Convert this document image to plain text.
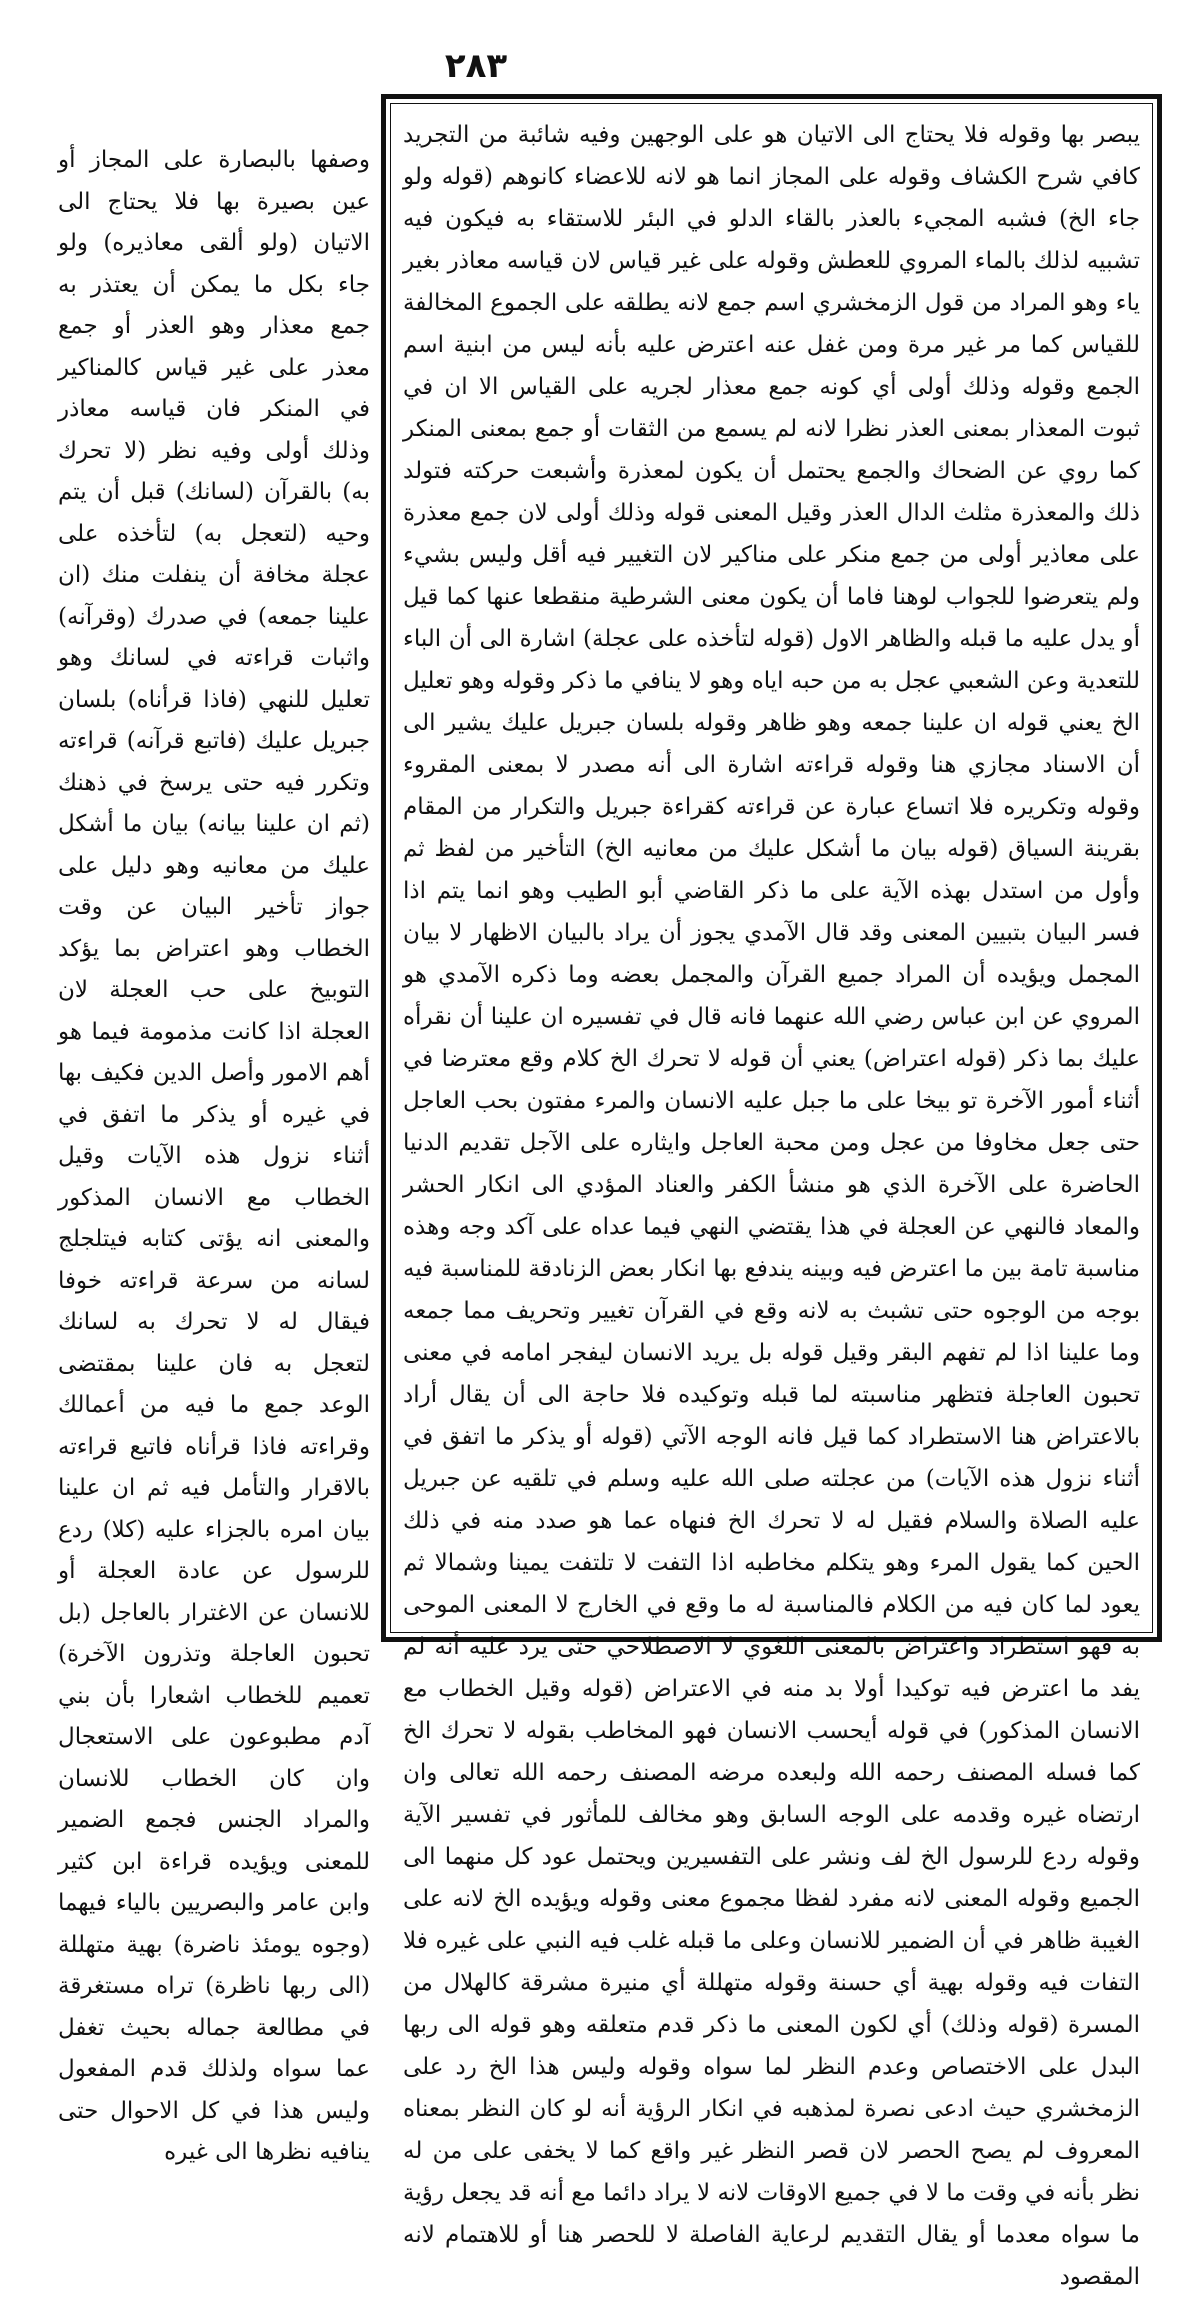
٢٨٣

وصفها بالبصارة على المجاز أو عين بصيرة بها فلا يحتاج الى الاتيان (ولو ألقى معاذيره) ولو جاء بكل ما يمكن أن يعتذر به جمع معذار وهو العذر أو جمع معذر على غير قياس كالمناكير في المنكر فان قياسه معاذر وذلك أولى وفيه نظر (لا تحرك به) بالقرآن (لسانك) قبل أن يتم وحيه (لتعجل به) لتأخذه على عجلة مخافة أن ينفلت منك (ان علينا جمعه) في صدرك (وقرآنه) واثبات قراءته في لسانك وهو تعليل للنهي (فاذا قرأناه) بلسان جبريل عليك (فاتبع قرآنه) قراءته وتكرر فيه حتى يرسخ في ذهنك (ثم ان علينا بيانه) بيان ما أشكل عليك من معانيه وهو دليل على جواز تأخير البيان عن وقت الخطاب وهو اعتراض بما يؤكد التوبيخ على حب العجلة لان العجلة اذا كانت مذمومة فيما هو أهم الامور وأصل الدين فكيف بها في غيره أو يذكر ما اتفق في أثناء نزول هذه الآيات وقيل الخطاب مع الانسان المذكور والمعنى انه يؤتى كتابه فيتلجلج لسانه من سرعة قراءته خوفا فيقال له لا تحرك به لسانك لتعجل به فان علينا بمقتضى الوعد جمع ما فيه من أعمالك وقراءته فاذا قرأناه فاتبع قراءته بالاقرار والتأمل فيه ثم ان علينا بيان امره بالجزاء عليه (كلا) ردع للرسول عن عادة العجلة أو للانسان عن الاغترار بالعاجل (بل تحبون العاجلة وتذرون الآخرة) تعميم للخطاب اشعارا بأن بني آدم مطبوعون على الاستعجال وان كان الخطاب للانسان والمراد الجنس فجمع الضمير للمعنى ويؤيده قراءة ابن كثير وابن عامر والبصريين بالياء فيهما (وجوه يومئذ ناضرة) بهية متهللة (الى ربها ناظرة) تراه مستغرقة في مطالعة جماله بحيث تغفل عما سواه ولذلك قدم المفعول وليس هذا في كل الاحوال حتى ينافيه نظرها الى غيره

يبصر بها وقوله فلا يحتاج الى الاتيان هو على الوجهين وفيه شائبة من التجريد كافي شرح الكشاف وقوله على المجاز انما هو لانه للاعضاء كانوهم (قوله ولو جاء الخ) فشبه المجيء بالعذر بالقاء الدلو في البئر للاستقاء به فيكون فيه تشبيه لذلك بالماء المروي للعطش وقوله على غير قياس لان قياسه معاذر بغير ياء وهو المراد من قول الزمخشري اسم جمع لانه يطلقه على الجموع المخالفة للقياس كما مر غير مرة ومن غفل عنه اعترض عليه بأنه ليس من ابنية اسم الجمع وقوله وذلك أولى أي كونه جمع معذار لجريه على القياس الا ان في ثبوت المعذار بمعنى العذر نظرا لانه لم يسمع من الثقات أو جمع بمعنى المنكر كما روي عن الضحاك والجمع يحتمل أن يكون لمعذرة وأشبعت حركته فتولد ذلك والمعذرة مثلث الدال العذر وقيل المعنى قوله وذلك أولى لان جمع معذرة على معاذير أولى من جمع منكر على مناكير لان التغيير فيه أقل وليس بشيء ولم يتعرضوا للجواب لوهنا فاما أن يكون معنى الشرطية منقطعا عنها كما قيل أو يدل عليه ما قبله والظاهر الاول (قوله لتأخذه على عجلة) اشارة الى أن الباء للتعدية وعن الشعبي عجل به من حبه اياه وهو لا ينافي ما ذكر وقوله وهو تعليل الخ يعني قوله ان علينا جمعه وهو ظاهر وقوله بلسان جبريل عليك يشير الى أن الاسناد مجازي هنا وقوله قراءته اشارة الى أنه مصدر لا بمعنى المقروء وقوله وتكريره فلا اتساع عبارة عن قراءته كقراءة جبريل والتكرار من المقام بقرينة السياق (قوله بيان ما أشكل عليك من معانيه الخ) التأخير من لفظ ثم وأول من استدل بهذه الآية على ما ذكر القاضي أبو الطيب وهو انما يتم اذا فسر البيان بتبيين المعنى وقد قال الآمدي يجوز أن يراد بالبيان الاظهار لا بيان المجمل ويؤيده أن المراد جميع القرآن والمجمل بعضه وما ذكره الآمدي هو المروي عن ابن عباس رضي الله عنهما فانه قال في تفسيره ان علينا أن نقرأه عليك بما ذكر (قوله اعتراض) يعني أن قوله لا تحرك الخ كلام وقع معترضا في أثناء أمور الآخرة تو بيخا على ما جبل عليه الانسان والمرء مفتون بحب العاجل حتى جعل مخاوفا من عجل ومن محبة العاجل وايثاره على الآجل تقديم الدنيا الحاضرة على الآخرة الذي هو منشأ الكفر والعناد المؤدي الى انكار الحشر والمعاد فالنهي عن العجلة في هذا يقتضي النهي فيما عداه على آكد وجه وهذه مناسبة تامة بين ما اعترض فيه وبينه يندفع بها انكار بعض الزنادقة للمناسبة فيه بوجه من الوجوه حتى تشبث به لانه وقع في القرآن تغيير وتحريف مما جمعه وما علينا اذا لم تفهم البقر وقيل قوله بل يريد الانسان ليفجر امامه في معنى تحبون العاجلة فتظهر مناسبته لما قبله وتوكيده فلا حاجة الى أن يقال أراد بالاعتراض هنا الاستطراد كما قيل فانه الوجه الآتي (قوله أو يذكر ما اتفق في أثناء نزول هذه الآيات) من عجلته صلى الله عليه وسلم في تلقيه عن جبريل عليه الصلاة والسلام فقيل له لا تحرك الخ فنهاه عما هو صدد منه في ذلك الحين كما يقول المرء وهو يتكلم مخاطبه اذا التفت لا تلتفت يمينا وشمالا ثم يعود لما كان فيه من الكلام فالمناسبة له ما وقع في الخارج لا المعنى الموحى به فهو استطراد واعتراض بالمعنى اللغوي لا الاصطلاحي حتى يرد عليه أنه لم يفد ما اعترض فيه توكيدا أولا بد منه في الاعتراض (قوله وقيل الخطاب مع الانسان المذكور) في قوله أيحسب الانسان فهو المخاطب بقوله لا تحرك الخ كما فسله المصنف رحمه الله ولبعده مرضه المصنف رحمه الله تعالى وان ارتضاه غيره وقدمه على الوجه السابق وهو مخالف للمأثور في تفسير الآية وقوله ردع للرسول الخ لف ونشر على التفسيرين ويحتمل عود كل منهما الى الجميع وقوله المعنى لانه مفرد لفظا مجموع معنى وقوله ويؤيده الخ لانه على الغيبة ظاهر في أن الضمير للانسان وعلى ما قبله غلب فيه النبي على غيره فلا التفات فيه وقوله بهية أي حسنة وقوله متهللة أي منيرة مشرقة كالهلال من المسرة (قوله وذلك) أي لكون المعنى ما ذكر قدم متعلقه وهو قوله الى ربها البدل على الاختصاص وعدم النظر لما سواه وقوله وليس هذا الخ رد على الزمخشري حيث ادعى نصرة لمذهبه في انكار الرؤية أنه لو كان النظر بمعناه المعروف لم يصح الحصر لان قصر النظر غير واقع كما لا يخفى على من له نظر بأنه في وقت ما لا في جميع الاوقات لانه لا يراد دائما مع أنه قد يجعل رؤية ما سواه معدما أو يقال التقديم لرعاية الفاصلة لا للحصر هنا أو للاهتمام لانه المقصود
